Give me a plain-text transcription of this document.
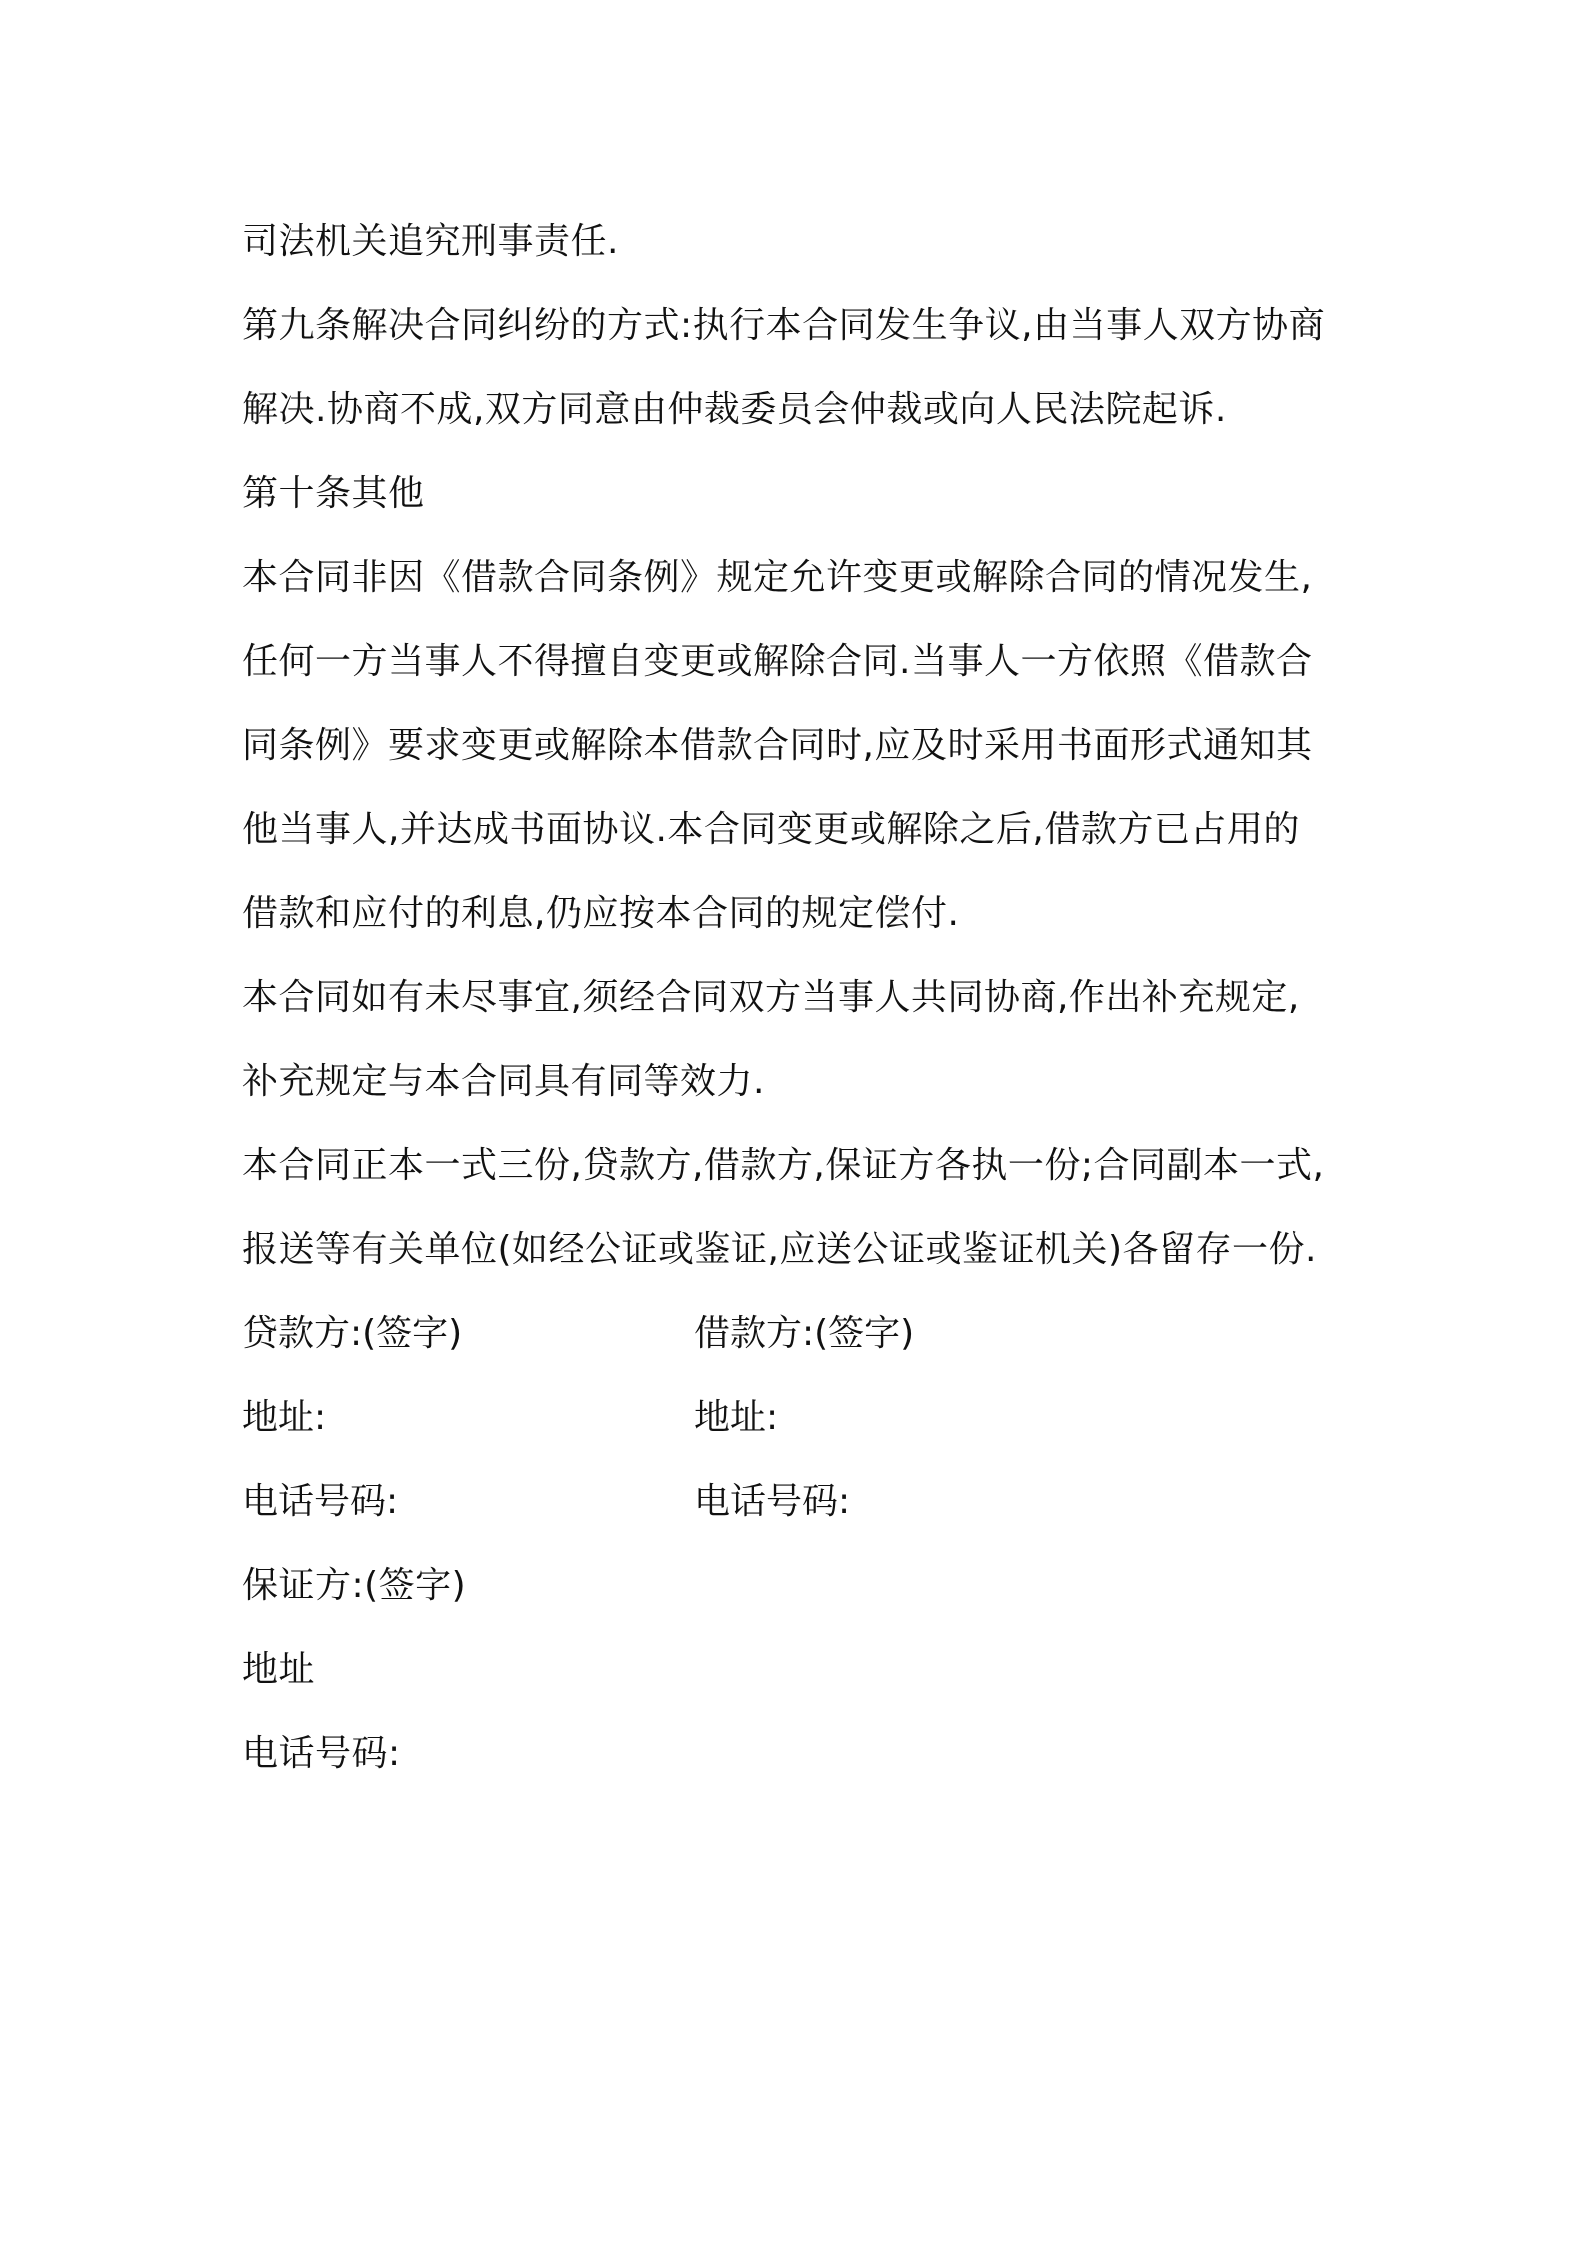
司法机关追究刑事责任.
第九条解决合同纠纷的方式:执行本合同发生争议,由当事人双方协商
解决.协商不成,双方同意由仲裁委员会仲裁或向人民法院起诉.
第十条其他
本合同非因《借款合同条例》规定允许变更或解除合同的情况发生,
任何一方当事人不得擅自变更或解除合同.当事人一方依照《借款合
同条例》要求变更或解除本借款合同时,应及时采用书面形式通知其
他当事人,并达成书面协议.本合同变更或解除之后,借款方已占用的
借款和应付的利息,仍应按本合同的规定偿付.
本合同如有未尽事宜,须经合同双方当事人共同协商,作出补充规定,
补充规定与本合同具有同等效力.
本合同正本一式三份,贷款方,借款方,保证方各执一份;合同副本一式,
报送等有关单位(如经公证或鉴证,应送公证或鉴证机关)各留存一份.
贷款方:(签字)	借款方:(签字)
地址:	地址:
电话号码:	电话号码:
保证方:(签字)
地址
电话号码:
